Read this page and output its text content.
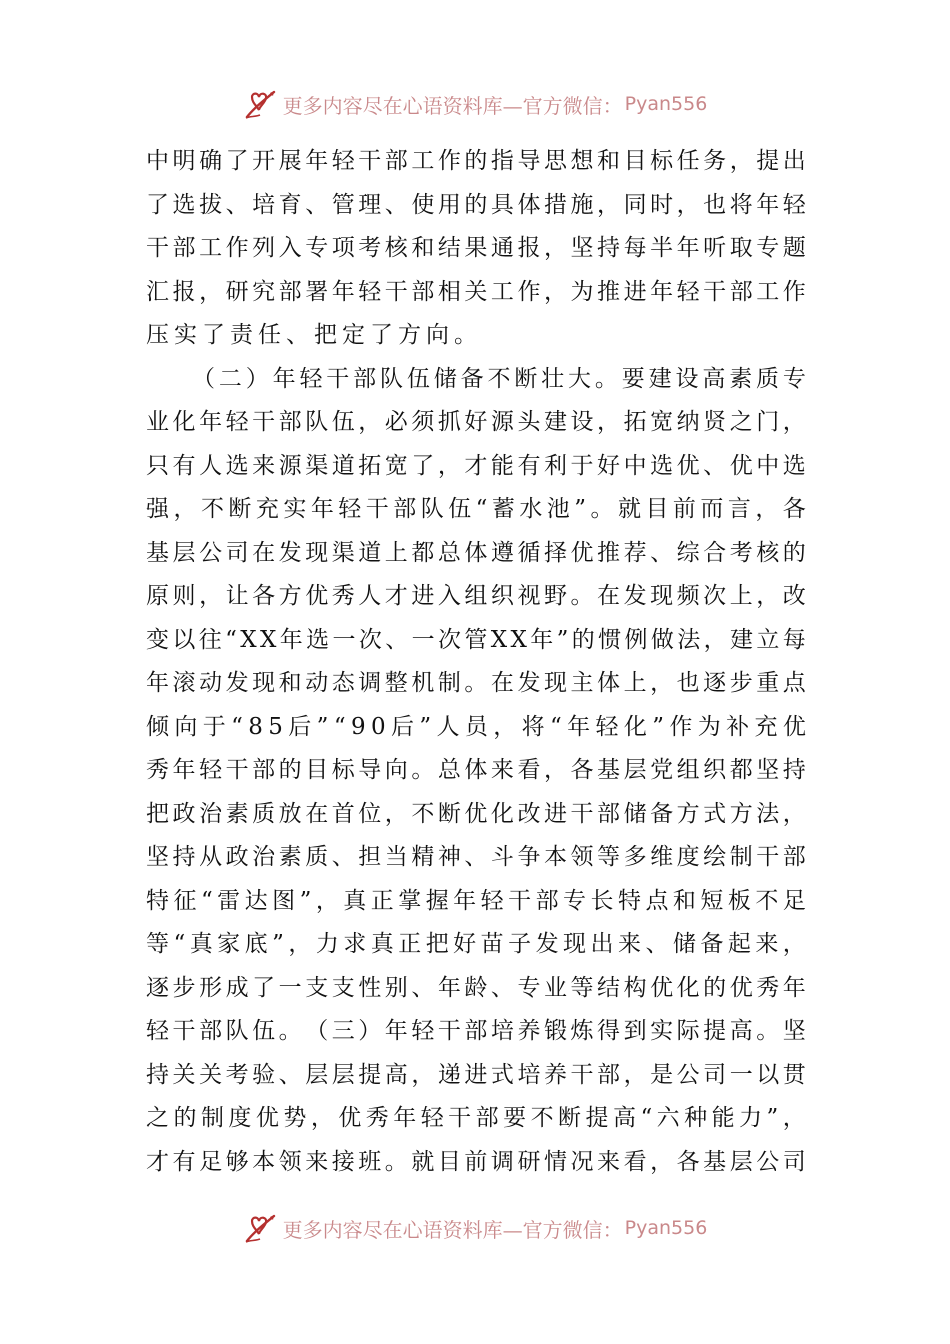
更多内容尽在心语资料库—官方微信： Pyan556
中 明 确 了 开 展 年 轻 干 部 工 作 的 指 导 思 想 和 目 标 任 务 ， 提 出
了 选 拔 、 培 育 、 管 理 、 使 用 的 具 体 措 施 ， 同 时 ， 也 将 年 轻
干 部 工 作 列 入 专 项 考 核 和 结 果 通 报 ， 坚 持 每 半 年 听 取 专 题
汇 报 ， 研 究 部 署 年 轻 干 部 相 关 工 作 ， 为 推 进 年 轻 干 部 工 作
压实了责任、把定了方向。
（ 二 ） 年 轻 干 部 队 伍 储 备 不 断 壮 大 。 要 建 设 高 素 质 专
业 化 年 轻 干 部 队 伍 ， 必 须 抓 好 源 头 建 设 ， 拓 宽 纳 贤 之 门 ，
只 有 人 选 来 源 渠 道 拓 宽 了 ， 才 能 有 利 于 好 中 选 优 、 优 中 选
强 ， 不 断 充 实 年 轻 干 部 队 伍 “ 蓄 水 池 ” 。 就 目 前 而 言 ， 各
基 层 公 司 在 发 现 渠 道 上 都 总 体 遵 循 择 优 推 荐 、 综 合 考 核 的
原 则 ， 让 各 方 优 秀 人 才 进 入 组 织 视 野 。 在 发 现 频 次 上 ， 改
变 以 往 “ X X 年 选 一 次 、 一 次 管 X X 年 ” 的 惯 例 做 法 ， 建 立 每
年 滚 动 发 现 和 动 态 调 整 机 制 。 在 发 现 主 体 上 ， 也 逐 步 重 点
倾 向 于 “ 8 5 后 ” “ 9 0 后 ” 人 员 ， 将 “ 年 轻 化 ” 作 为 补 充 优
秀 年 轻 干 部 的 目 标 导 向 。 总 体 来 看 ， 各 基 层 党 组 织 都 坚 持
把 政 治 素 质 放 在 首 位 ， 不 断 优 化 改 进 干 部 储 备 方 式 方 法 ，
坚 持 从 政 治 素 质 、 担 当 精 神 、 斗 争 本 领 等 多 维 度 绘 制 干 部
特 征 “ 雷 达 图 ” ， 真 正 掌 握 年 轻 干 部 专 长 特 点 和 短 板 不 足
等 “ 真 家 底 ” ， 力 求 真 正 把 好 苗 子 发 现 出 来 、 储 备 起 来 ，
逐 步 形 成 了 一 支 支 性 别 、 年 龄 、 专 业 等 结 构 优 化 的 优 秀 年
轻 干 部 队 伍 。 （ 三 ） 年 轻 干 部 培 养 锻 炼 得 到 实 际 提 高 。 坚
持 关 关 考 验 、 层 层 提 高 ， 递 进 式 培 养 干 部 ， 是 公 司 一 以 贯
之 的 制 度 优 势 ， 优 秀 年 轻 干 部 要 不 断 提 高 “ 六 种 能 力 ” ，
才 有 足 够 本 领 来 接 班 。 就 目 前 调 研 情 况 来 看 ， 各 基 层 公 司
更多内容尽在心语资料库—官方微信： Pyan556
